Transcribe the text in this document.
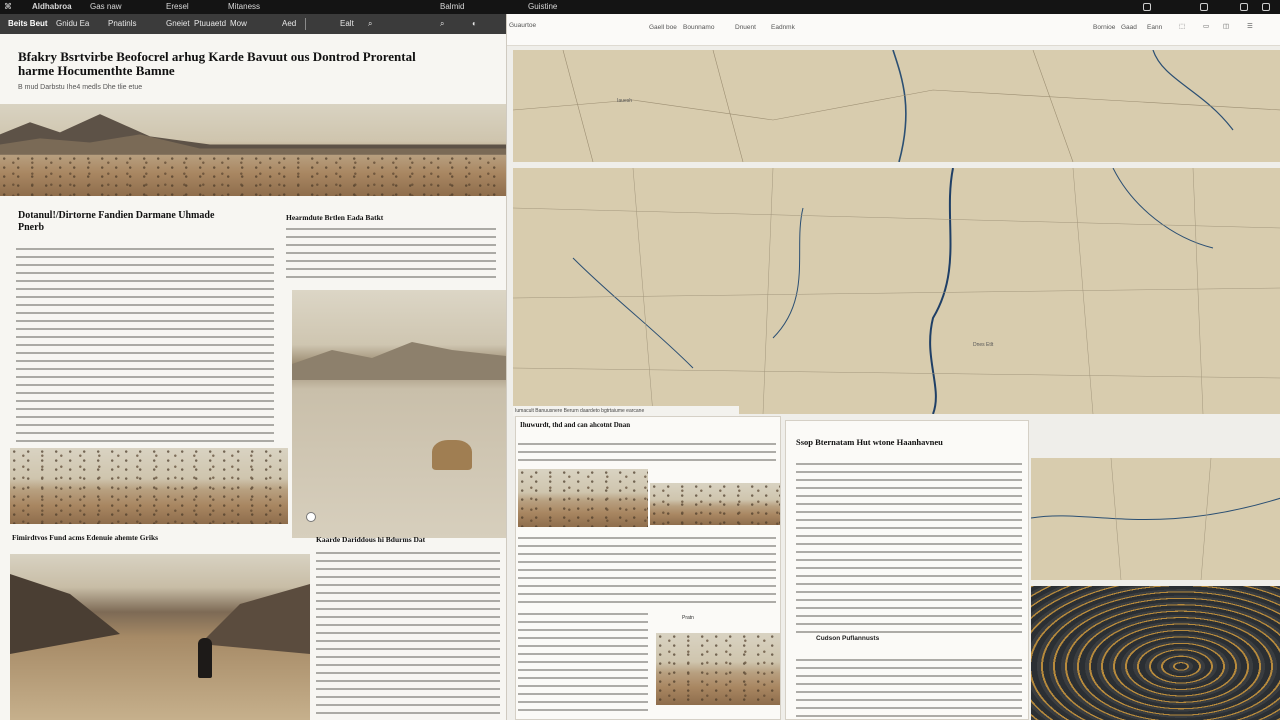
⌘	Aldhabroa Gas naw	Eresel	Mitaness	Balmid	Guistine
Beits Beut Gnidu Ea Pnatinls	Gneiet Ptuuaetd Mow	Aed	Ealt ⌕	⌕	◐
Bfakry Bsrtvirbe Beofocrel arhug Karde Bavuut ous Dontrod Prorental harme Hocumenthte Bamne
B mud Darbstu Ihe4 medls Dhe tlie etue
Dotanul!/Dirtorne Fandien Darmane Uhmade Pnerb
Hearmdute Brtlen Eada Batkt
Fimirdtvos Fund acms Edenuie ahemte Griks	Kaarde Dariddous hi Bdurms Dat
Guaurtoe	Gaell boe Bounnamo	Dnuent Eadnmk	Bornioe Gaad Eann	⬚	▭ ◫	☰
Iauesh
Dnes Etlt
Iumacult Banuusnere Berurn daardeto bgtrtaiume earcane
Ihuwurdt, thd and can ahcotnt Dnan
Pratn
Ssop Bternatam Hut wtone Haanhavneu
Cudson Puflannusts
